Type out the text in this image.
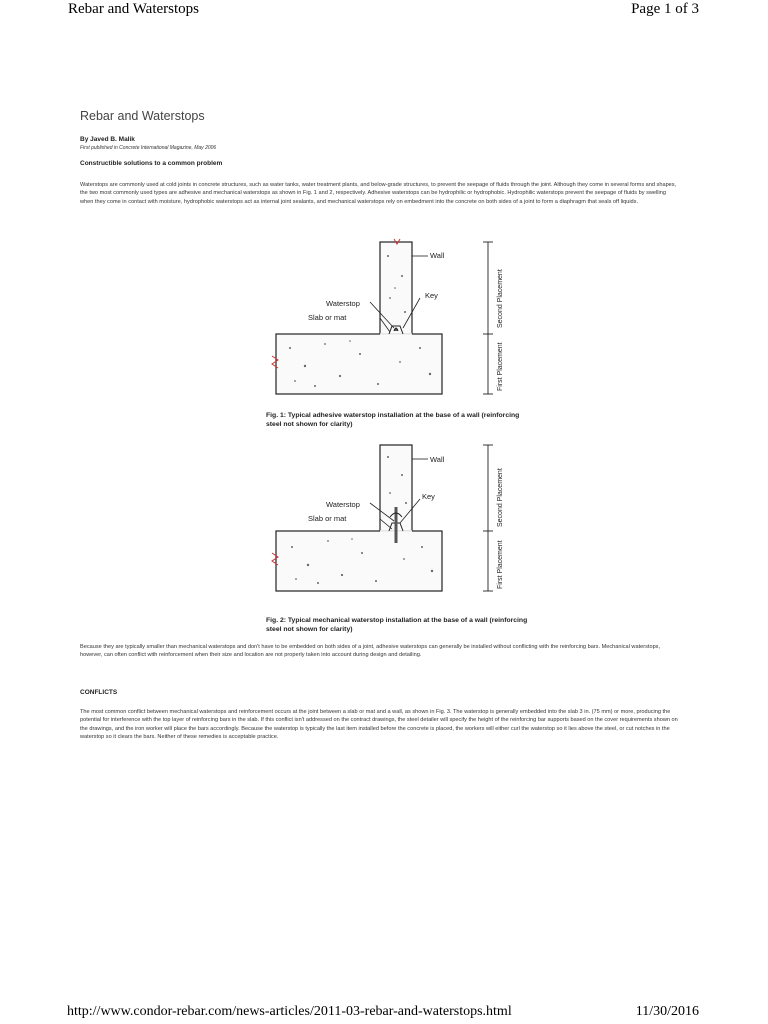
Rebar and Waterstops	Page 1 of 3
Rebar and Waterstops
By Javed B. Malik
First published in Concrete International Magazine, May 2006
Constructible solutions to a common problem

Waterstops are commonly used at cold joints in concrete structures, such as water tanks, water treatment plants, and below-grade structures, to prevent the seepage of fluids through the joint. Although they come in several forms and shapes, the two most commonly used types are adhesive and mechanical waterstops as shown in Fig. 1 and 2, respectively. Adhesive waterstops can be hydrophilic or hydrophobic. Hydrophilic waterstops prevent the seepage of fluids by swelling when they come in contact with moisture, hydrophobic waterstops act as internal joint sealants, and mechanical waterstops rely on embedment into the concrete on both sides of a joint to form a diaphragm that seals off liquids.

Wall
Key
Waterstop
Slab or mat	Second Placement
First Placement
Fig. 1: Typical adhesive waterstop installation at the base of a wall (reinforcing steel not shown for clarity)
Wall
Key
Waterstop
Slab or mat	Second Placement
First Placement
Fig. 2: Typical mechanical waterstop installation at the base of a wall (reinforcing steel not shown for clarity)

Because they are typically smaller than mechanical waterstops and don't have to be embedded on both sides of a joint, adhesive waterstops can generally be installed without conflicting with the reinforcing bars. Mechanical waterstops, however, can often conflict with reinforcement when their size and location are not properly taken into account during design and detailing.

CONFLICTS

The most common conflict between mechanical waterstops and reinforcement occurs at the joint between a slab or mat and a wall, as shown in Fig. 3. The waterstop is generally embedded into the slab 3 in. (75 mm) or more, producing the potential for interference with the top layer of reinforcing bars in the slab. If this conflict isn't addressed on the contract drawings, the steel detailer will specify the height of the reinforcing bar supports based on the cover requirements shown on the drawings, and the iron worker will place the bars accordingly. Because the waterstop is typically the last item installed before the concrete is placed, the workers will either curl the waterstop so it lies above the steel, or cut notches in the waterstop so it clears the bars. Neither of these remedies is acceptable practice.

http://www.condor-rebar.com/news-articles/2011-03-rebar-and-waterstops.html	11/30/2016
